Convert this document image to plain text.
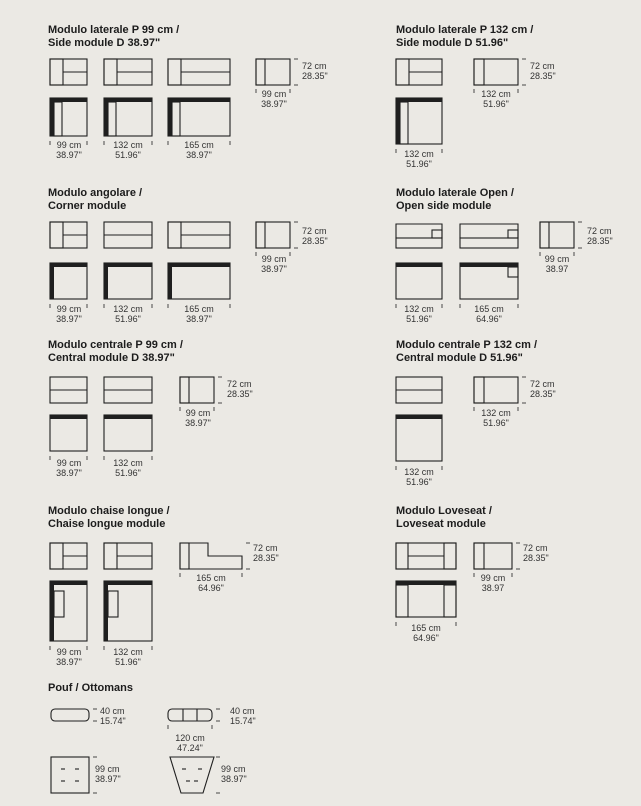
Modulo laterale P 99 cm /
Side module D 38.97"
Modulo laterale P 132 cm /
Side module D 51.96"
Modulo angolare /
Corner module
Modulo laterale Open /
Open side module
Modulo centrale P 99 cm /
Central module D 38.97"
Modulo centrale P 132 cm /
Central module D 51.96"
Modulo chaise longue /
Chaise longue module
Modulo Loveseat /
Loveseat module
Pouf / Ottomans
72 cm
28.35"
99 cm
38.97"
99 cm
38.97"
132 cm
51.96"
165 cm
38.97"
72 cm
28.35"
132 cm
51.96"
132 cm
51.96"
72 cm
28.35"
99 cm
38.97"
99 cm
38.97"
132 cm
51.96"
165 cm
38.97"
72 cm
28.35"
99 cm
38.97
132 cm
51.96"
165 cm
64.96"
72 cm
28.35"
99 cm
38.97"
99 cm
38.97"
132 cm
51.96"
72 cm
28.35"
132 cm
51.96"
132 cm
51.96"
72 cm
28.35"
165 cm
64.96"
99 cm
38.97"
132 cm
51.96"
72 cm
28.35"
99 cm
38.97
165 cm
64.96"
40 cm
15.74"
40 cm
15.74"
120 cm
47.24"
99 cm
38.97"
99 cm
38.97"
